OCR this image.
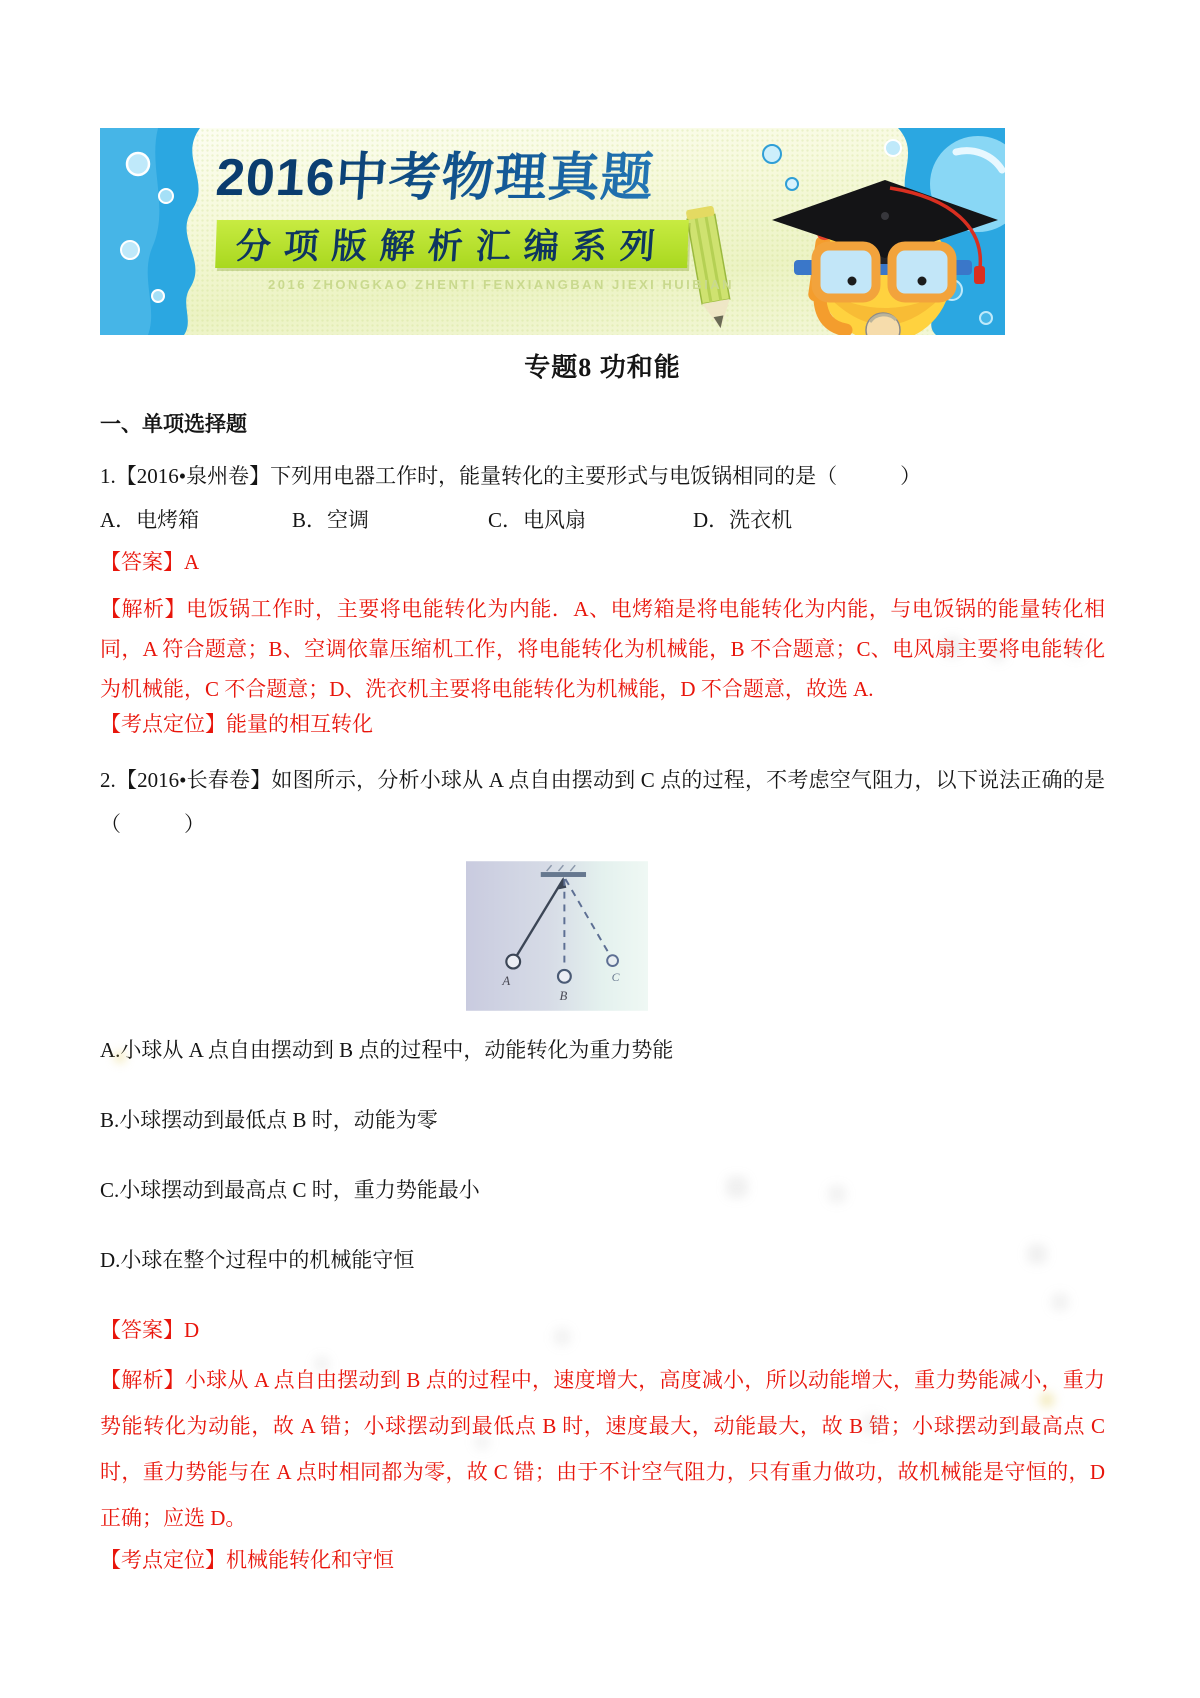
2016中考物理真题
分项版解析汇编系列
2016 ZHONGKAO ZHENTI FENXIANGBAN JIEXI HUIBIAN
专题8 功和能
一、单项选择题

1.【2016•泉州卷】下列用电器工作时，能量转化的主要形式与电饭锅相同的是（　　　）

A．电烤箱	B．空调	C．电风扇	D．洗衣机

【答案】A

【解析】电饭锅工作时，主要将电能转化为内能．A、电烤箱是将电能转化为内能，与电饭锅的能量转化相同，A 符合题意；B、空调依靠压缩机工作，将电能转化为机械能，B 不合题意；C、电风扇主要将电能转化为机械能，C 不合题意；D、洗衣机主要将电能转化为机械能，D 不合题意，故选 A.

【考点定位】能量的相互转化

2.【2016•长春卷】如图所示，分析小球从 A 点自由摆动到 C 点的过程，不考虑空气阻力，以下说法正确的是（　　　）

A
B
C

A.小球从 A 点自由摆动到 B 点的过程中，动能转化为重力势能

B.小球摆动到最低点 B 时，动能为零

C.小球摆动到最高点 C 时，重力势能最小

D.小球在整个过程中的机械能守恒

【答案】D

【解析】小球从 A 点自由摆动到 B 点的过程中，速度增大，高度减小，所以动能增大，重力势能减小，重力势能转化为动能，故 A 错；小球摆动到最低点 B 时，速度最大，动能最大，故 B 错；小球摆动到最高点 C 时，重力势能与在 A 点时相同都为零，故 C 错；由于不计空气阻力，只有重力做功，故机械能是守恒的，D 正确；应选 D。

【考点定位】机械能转化和守恒
